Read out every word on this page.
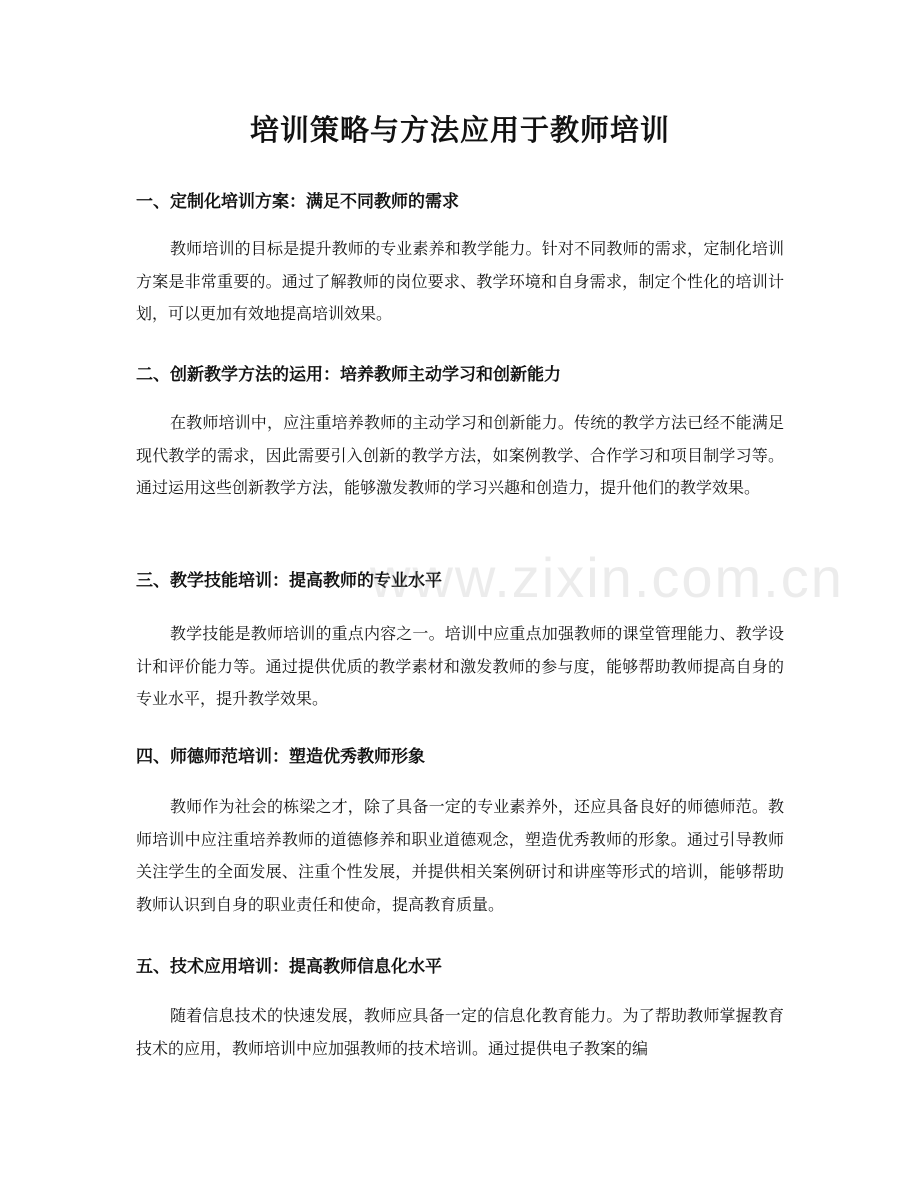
培训策略与方法应用于教师培训
一、定制化培训方案：满足不同教师的需求

教师培训的目标是提升教师的专业素养和教学能力。针对不同教师的需求，定制化培训方案是非常重要的。通过了解教师的岗位要求、教学环境和自身需求，制定个性化的培训计划，可以更加有效地提高培训效果。

二、创新教学方法的运用：培养教师主动学习和创新能力

在教师培训中，应注重培养教师的主动学习和创新能力。传统的教学方法已经不能满足现代教学的需求，因此需要引入创新的教学方法，如案例教学、合作学习和项目制学习等。通过运用这些创新教学方法，能够激发教师的学习兴趣和创造力，提升他们的教学效果。

三、教学技能培训：提高教师的专业水平

教学技能是教师培训的重点内容之一。培训中应重点加强教师的课堂管理能力、教学设计和评价能力等。通过提供优质的教学素材和激发教师的参与度，能够帮助教师提高自身的专业水平，提升教学效果。

四、师德师范培训：塑造优秀教师形象

教师作为社会的栋梁之才，除了具备一定的专业素养外，还应具备良好的师德师范。教师培训中应注重培养教师的道德修养和职业道德观念，塑造优秀教师的形象。通过引导教师关注学生的全面发展、注重个性发展，并提供相关案例研讨和讲座等形式的培训，能够帮助教师认识到自身的职业责任和使命，提高教育质量。

五、技术应用培训：提高教师信息化水平

随着信息技术的快速发展，教师应具备一定的信息化教育能力。为了帮助教师掌握教育技术的应用，教师培训中应加强教师的技术培训。通过提供电子教案的编

www.zixin.com.cn
